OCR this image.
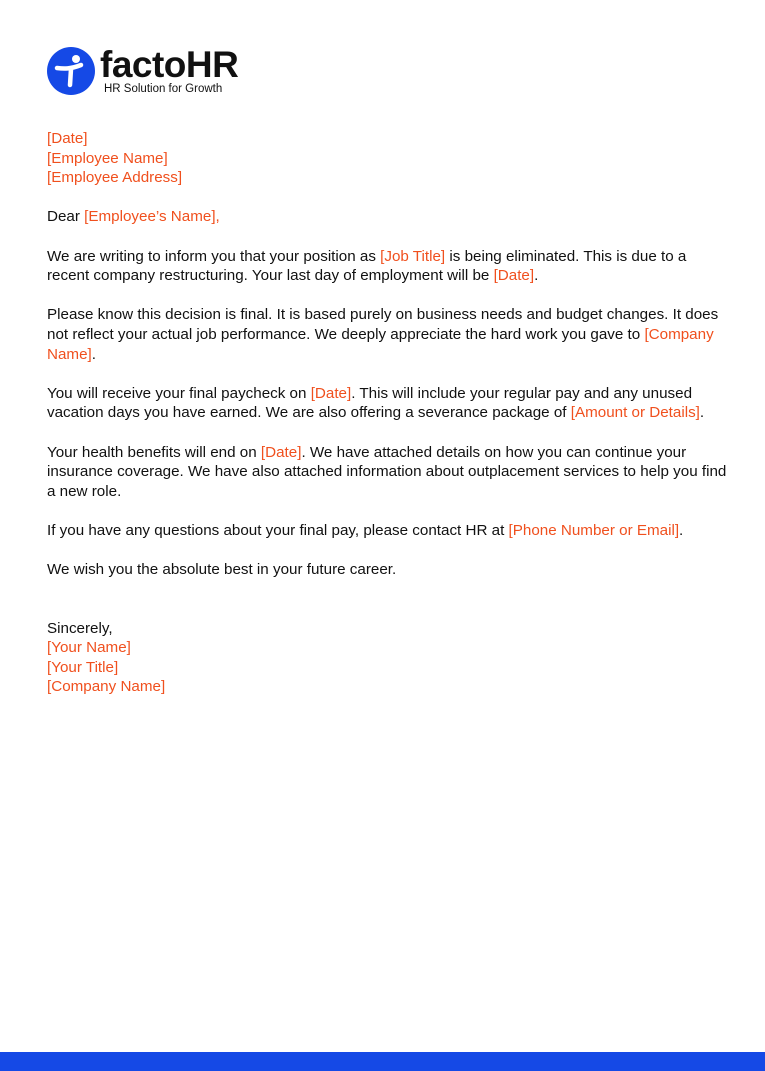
factoHR
HR Solution for Growth

[Date]

[Employee Name]

[Employee Address]

Dear [Employee’s Name],

We are writing to inform you that your position as [Job Title] is being eliminated. This is due to a recent company restructuring. Your last day of employment will be [Date].

Please know this decision is final. It is based purely on business needs and budget changes. It does not reflect your actual job performance. We deeply appreciate the hard work you gave to [Company Name].

You will receive your final paycheck on [Date]. This will include your regular pay and any unused vacation days you have earned. We are also offering a severance package of [Amount or Details].

Your health benefits will end on [Date]. We have attached details on how you can continue your insurance coverage. We have also attached information about outplacement services to help you find a new role.

If you have any questions about your final pay, please contact HR at [Phone Number or Email].

We wish you the absolute best in your future career.

Sincerely,

[Your Name]

[Your Title]

[Company Name]
